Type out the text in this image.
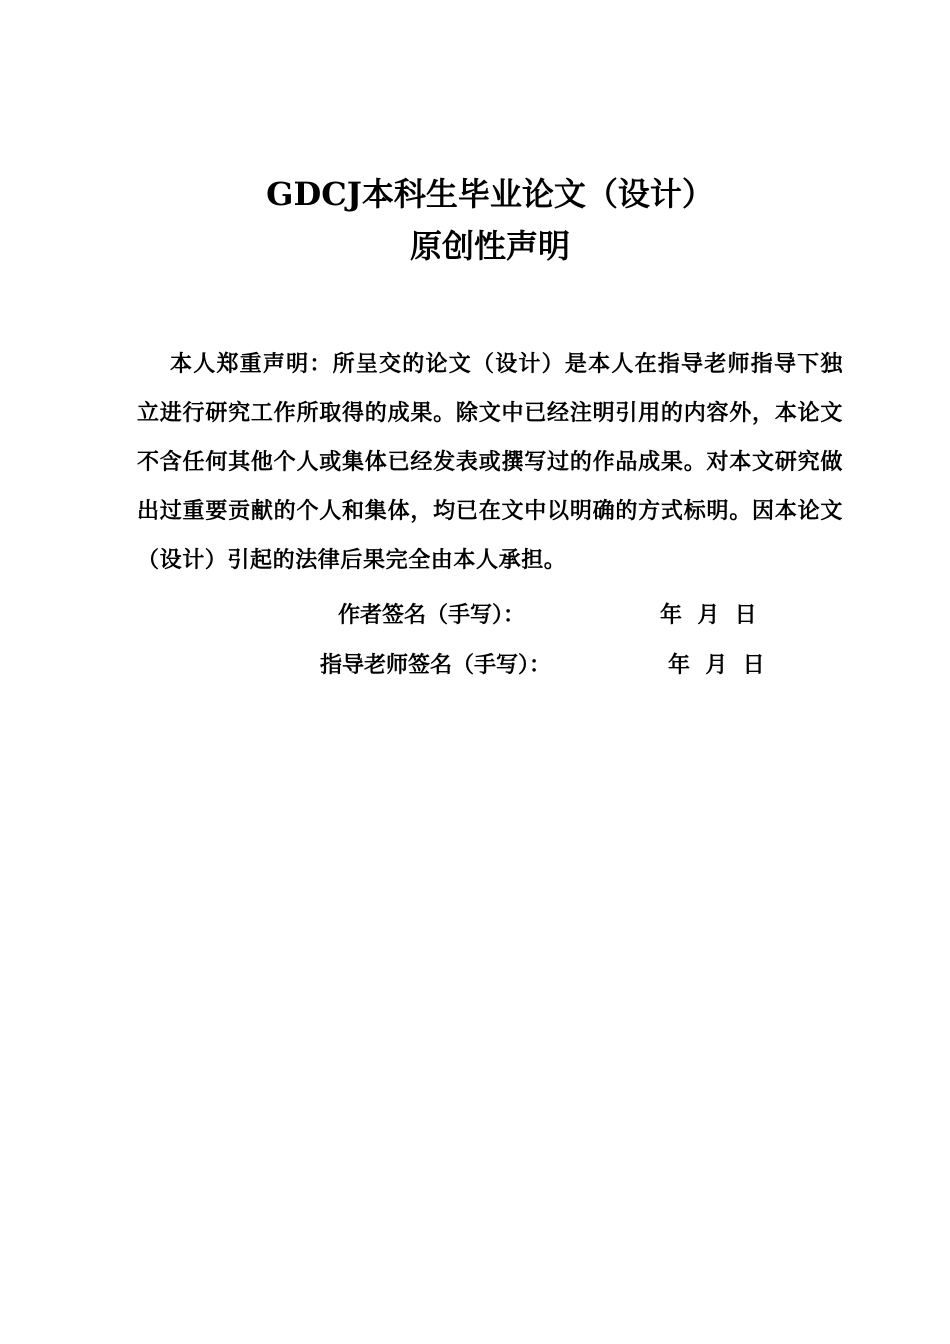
GDCJ本科生毕业论文（设计）
原创性声明

本人郑重声明：所呈交的论文（设计）是本人在指导老师指导下独立进行研究工作所取得的成果。除文中已经注明引用的内容外，本论文不含任何其他个人或集体已经发表或撰写过的作品成果。对本文研究做出过重要贡献的个人和集体，均已在文中以明确的方式标明。因本论文（设计）引起的法律后果完全由本人承担。

作者签名（手写）：	年  月  日
指导老师签名（手写）：	年  月  日
